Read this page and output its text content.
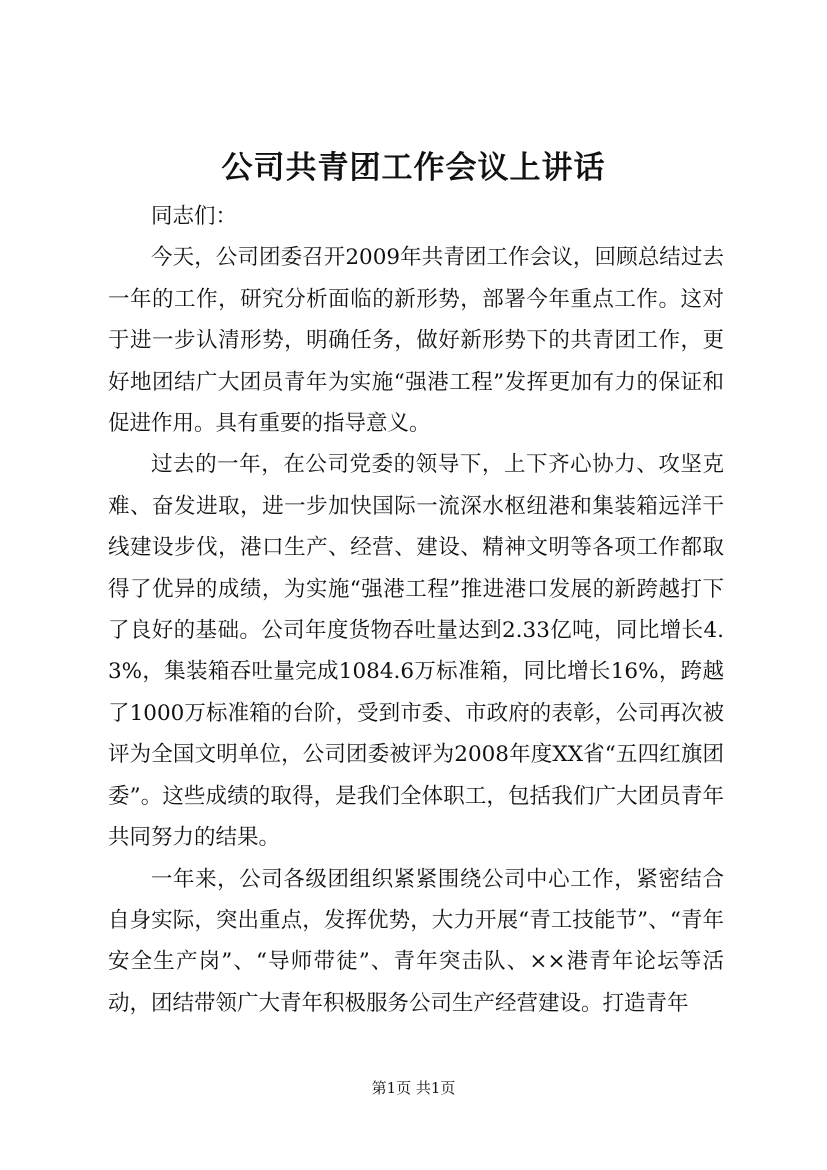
公司共青团工作会议上讲话

同志们：

今天，公司团委召开2009年共青团工作会议，回顾总结过去一年的工作，研究分析面临的新形势，部署今年重点工作。这对于进一步认清形势，明确任务，做好新形势下的共青团工作，更好地团结广大团员青年为实施“强港工程”发挥更加有力的保证和促进作用。具有重要的指导意义。

过去的一年，在公司党委的领导下，上下齐心协力、攻坚克难、奋发进取，进一步加快国际一流深水枢纽港和集装箱远洋干线建设步伐，港口生产、经营、建设、精神文明等各项工作都取得了优异的成绩，为实施“强港工程”推进港口发展的新跨越打下了良好的基础。公司年度货物吞吐量达到2.33亿吨，同比增长4.3%，集装箱吞吐量完成1084.6万标准箱，同比增长16%，跨越了1000万标准箱的台阶，受到市委、市政府的表彰，公司再次被评为全国文明单位，公司团委被评为2008年度XX省“五四红旗团委”。这些成绩的取得，是我们全体职工，包括我们广大团员青年共同努力的结果。

一年来，公司各级团组织紧紧围绕公司中心工作，紧密结合自身实际，突出重点，发挥优势，大力开展“青工技能节”、“青年安全生产岗”、“导师带徒”、青年突击队、××港青年论坛等活动，团结带领广大青年积极服务公司生产经营建设。打造青年

第1页 共1页
